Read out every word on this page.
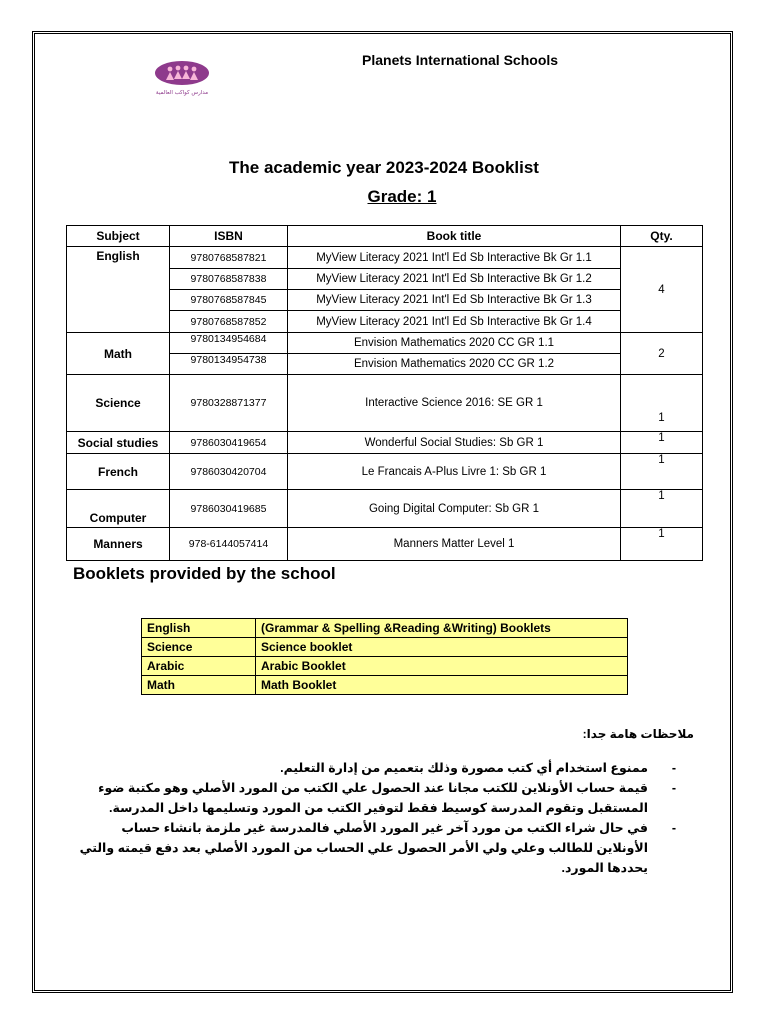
مدارس كواكب العالمية
Planets International Schools
The academic year 2023-2024 Booklist
Grade: 1
Subject	ISBN	Book title	Qty.
English	9780768587821	MyView Literacy 2021 Int'l Ed Sb Interactive Bk Gr 1.1	4
	9780768587838	MyView Literacy 2021 Int'l Ed Sb Interactive Bk Gr 1.2	
	9780768587845	MyView Literacy 2021 Int'l Ed Sb Interactive Bk Gr 1.3	
	9780768587852	MyView Literacy 2021 Int'l Ed Sb Interactive Bk Gr 1.4	
Math	9780134954684	Envision Mathematics 2020 CC GR 1.1	2
	9780134954738	Envision Mathematics 2020 CC GR 1.2	
Science	9780328871377	Interactive Science 2016: SE GR 1	1
Social studies	9786030419654	Wonderful Social Studies: Sb GR 1	1
French	9786030420704	Le Francais A-Plus Livre 1: Sb GR 1	1
Computer	9786030419685	Going Digital Computer: Sb GR 1	1
Manners	978-6144057414	Manners Matter Level 1	1
Booklets provided by the school
English	(Grammar & Spelling &Reading &Writing) Booklets
Science	Science booklet
Arabic	Arabic Booklet
Math	Math Booklet
ملاحظات هامة جدا:
-
ممنوع استخدام أي كتب مصورة وذلك بتعميم من إدارة التعليم.
-
قيمة حساب الأونلاين للكتب مجانا عند الحصول علي الكتب من المورد الأصلي وهو مكتبة ضوء المستقبل وتقوم المدرسة كوسيط فقط لتوفير الكتب من المورد وتسليمها داخل المدرسة.
-
في حال شراء الكتب من مورد آخر غير المورد الأصلي فالمدرسة غير ملزمة بانشاء حساب الأونلاين للطالب وعلي ولي الأمر الحصول علي الحساب من المورد الأصلي بعد دفع قيمته والتي يحددها المورد.
